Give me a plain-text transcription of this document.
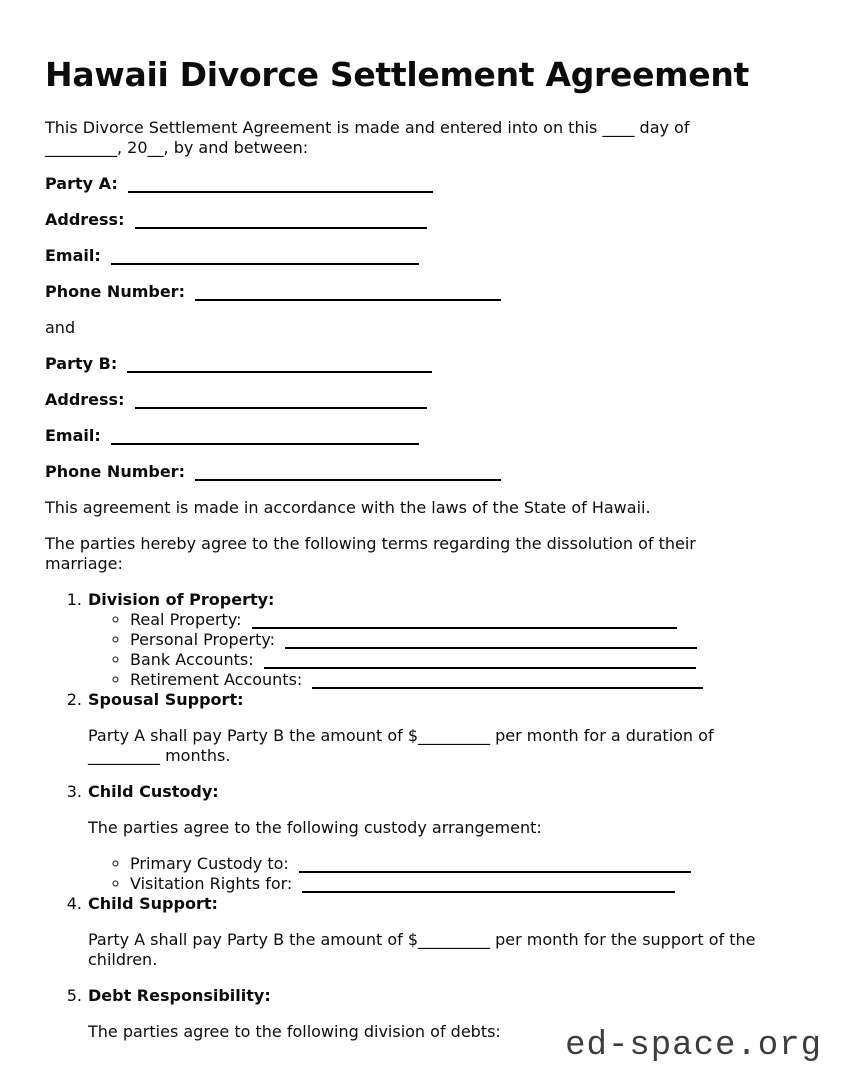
Hawaii Divorce Settlement Agreement

This Divorce Settlement Agreement is made and entered into on this ____ day of
_________, 20__, by and between:

Party A:

Address:

Email:

Phone Number:

and

Party B:

Address:

Email:

Phone Number:

This agreement is made in accordance with the laws of the State of Hawaii.

The parties hereby agree to the following terms regarding the dissolution of their
marriage:

1. Division of Property:
◦ Real Property:
◦ Personal Property:
◦ Bank Accounts:
◦ Retirement Accounts:
2. Spousal Support:

Party A shall pay Party B the amount of $_________ per month for a duration of
_________ months.

3. Child Custody:

The parties agree to the following custody arrangement:

◦ Primary Custody to:
◦ Visitation Rights for:
4. Child Support:

Party A shall pay Party B the amount of $_________ per month for the support of the
children.

5. Debt Responsibility:

The parties agree to the following division of debts:	ed-space.org
